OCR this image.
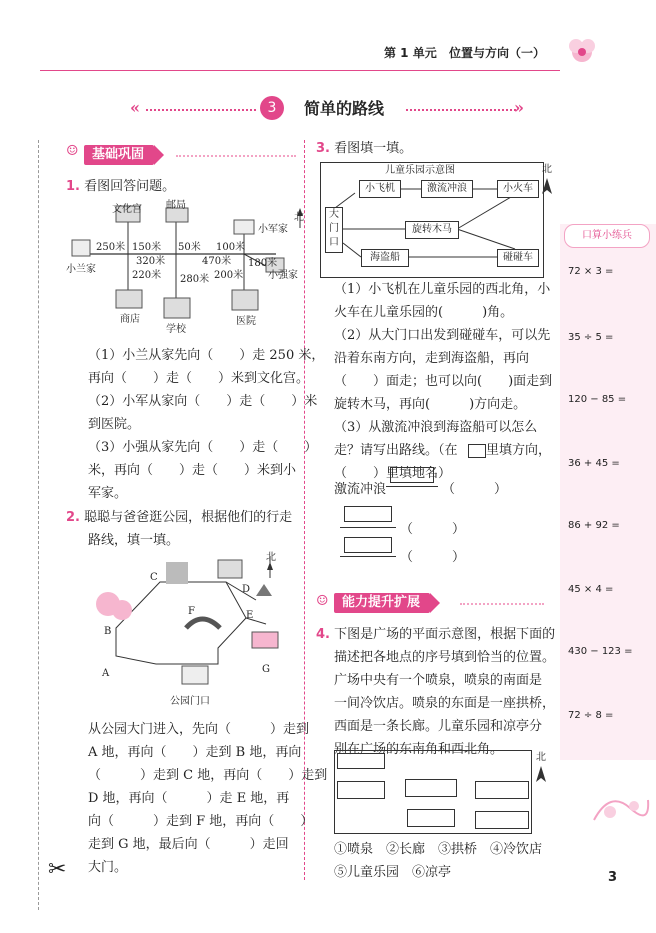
第 1 单元 位置与方向（一）
«	3	简单的路线	»
✂
☺	基础巩固
1. 看图回答问题。
文化宫 邮局
北
小军家
250米 150米 50米 100米
320米	470米 180米
小兰家
220米	200米 小强家
280米
商店	医院
学校
（1）小兰从家先向（　　）走 250 米，
再向（　　）走（　　）米到文化宫。
（2）小军从家向（　　）走（　　）米
到医院。
（3）小强从家先向（　　）走（　　）
米，再向（　　）走（　　）米到小
军家。
2. 聪聪与爸爸逛公园，根据他们的行走
路线，填一填。
北
C
D
F	E
B
G
A
公园门口
从公园大门进入，先向（　　　）走到
A 地，再向（　　）走到 B 地，再向
（　　　）走到 C 地，再向（　　）走到
D 地，再向（　　　）走 E 地，再
向（　　　）走到 F 地，再向（　　）
走到 G 地，最后向（　　　）走回
大门。
3. 看图填一填。
儿童乐园示意图
小飞机	激流冲浪	小火车
大门口
旋转木马
海盗船	碰碰车
北
（1）小飞机在儿童乐园的西北角，小
火车在儿童乐园的(　　　)角。
（2）从大门口出发到碰碰车，可以先
沿着东南方向，走到海盗船，再向
（　　）面走；也可以向(　　)面走到
旋转木马，再向(　　　)方向走。
（3）从激流冲浪到海盗船可以怎么
走？请写出路线。（在 里填方向，
（　　）里填地名）
激流冲浪	（　　　）
（　　　）
（　　　）
☺	能力提升扩展
4. 下图是广场的平面示意图，根据下面的
描述把各地点的序号填到恰当的位置。
广场中央有一个喷泉，喷泉的南面是
一间冷饮店。喷泉的东面是一座拱桥，
西面是一条长廊。儿童乐园和凉亭分
别在广场的东南角和西北角。
北
①喷泉　②长廊　③拱桥　④冷饮店
⑤儿童乐园　⑥凉亭
口算小练兵
72 × 3 =
35 ÷ 5 =
120 − 85 =
36 + 45 =
86 + 92 =
45 × 4 =
430 − 123 =
72 ÷ 8 =
3
